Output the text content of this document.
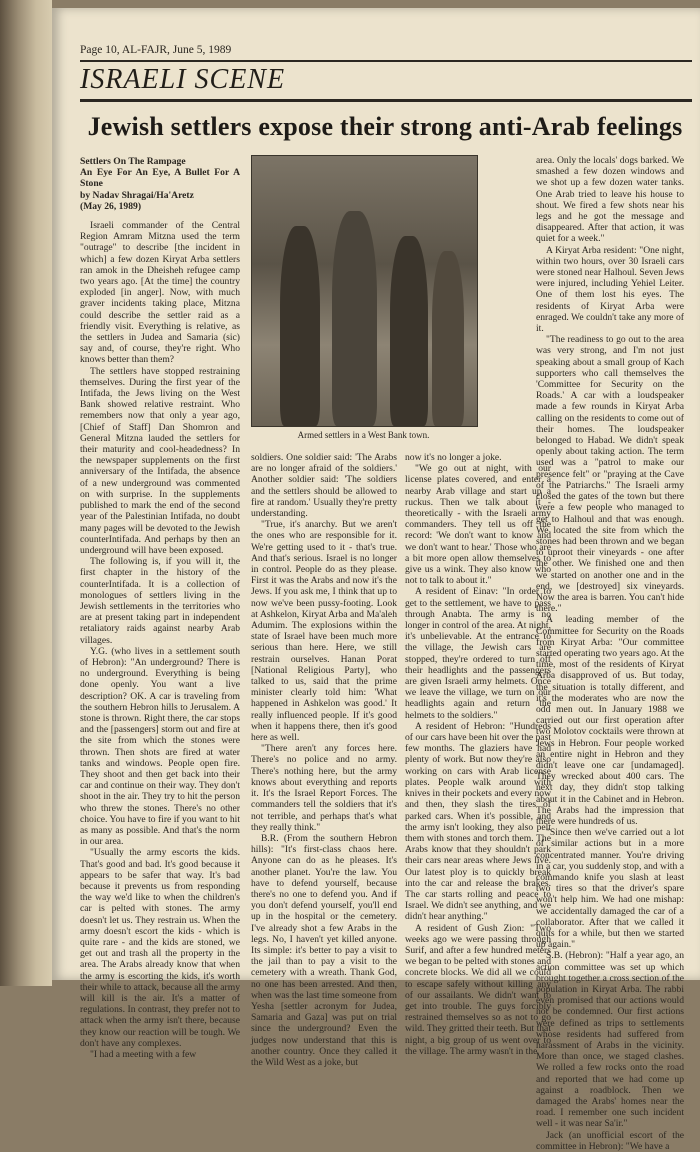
Page 10, AL-FAJR, June 5, 1989
ISRAELI SCENE
Jewish settlers expose their strong anti-Arab feelings

Settlers On The Rampage

An Eye For An Eye, A Bullet For A Stone

by Nadav Shragai/Ha'Aretz

(May 26, 1989)

Israeli commander of the Central Region Amram Mitzna used the term "outrage" to describe [the incident in which] a few dozen Kiryat Arba settlers ran amok in the Dheisheh refugee camp two years ago. [At the time] the country exploded [in anger]. Now, with much graver incidents taking place, Mitzna could describe the settler raid as a friendly visit. Everything is relative, as the settlers in Judea and Samaria (sic) say and, of course, they're right. Who knows better than them?

The settlers have stopped restraining themselves. During the first year of the Intifada, the Jews living on the West Bank showed relative restraint. Who remembers now that only a year ago, [Chief of Staff] Dan Shomron and General Mitzna lauded the settlers for their maturity and cool-headedness? In the newspaper supplements on the first anniversary of the Intifada, the absence of a new underground was commented on with surprise. In the supplements published to mark the end of the second year of the Palestinian Intifada, no doubt many pages will be devoted to the Jewish counterIntifada. And perhaps by then an underground will have been exposed.

The following is, if you will it, the first chapter in the history of the counterIntifada. It is a collection of monologues of settlers living in the Jewish settlements in the territories who are at present taking part in independent retaliatory raids against nearby Arab villages.

Y.G. (who lives in a settlement south of Hebron): "An underground? There is no underground. Everything is being done openly. You want a live description? OK. A car is traveling from the southern Hebron hills to Jerusalem. A stone is thrown. Right there, the car stops and the [passengers] storm out and fire at the site from which the stones were thrown. Then shots are fired at water tanks and windows. People open fire. They shoot and then get back into their car and continue on their way. They don't shoot in the air. They try to hit the person who threw the stones. There's no other choice. You have to fire if you want to hit as many as possible. And that's the norm in our area.

"Usually the army escorts the kids. That's good and bad. It's good because it appears to be safer that way. It's bad because it prevents us from responding the way we'd like to when the children's car is pelted with stones. The army doesn't let us. They restrain us. When the army doesn't escort the kids - which is quite rare - and the kids are stoned, we get out and trash all the property in the area. The Arabs already know that when the army is escorting the kids, it's worth their while to attack, because all the army will kill is the air. It's a matter of regulations. In contrast, they prefer not to attack when the army isn't there, because they know our reaction will be tough. We don't have any complexes.

"I had a meeting with a few

Armed settlers in a West Bank town.

soldiers. One soldier said: 'The Arabs are no longer afraid of the soldiers.' Another soldier said: 'The soldiers and the settlers should be allowed to fire at random.' Usually they're pretty understanding.

"True, it's anarchy. But we aren't the ones who are responsible for it. We're getting used to it - that's true. And that's serious. Israel is no longer in control. People do as they please. First it was the Arabs and now it's the Jews. If you ask me, I think that up to now we've been pussy-footing. Look at Ashkelon, Kiryat Arba and Ma'aleh Adumim. The explosions within the state of Israel have been much more serious than here. Here, we still restrain ourselves. Hanan Porat [National Religious Party], who talked to us, said that the prime minister clearly told him: 'What happened in Ashkelon was good.' It really influenced people. If it's good when it happens there, then it's good here as well.

"There aren't any forces here. There's no police and no army. There's nothing here, but the army knows about everything and reports it. It's the Israel Report Forces. The commanders tell the soldiers that it's not terrible, and perhaps that's what they really think."

B.R. (From the southern Hebron hills): "It's first-class chaos here. Anyone can do as he pleases. It's another planet. You're the law. You have to defend yourself, because there's no one to defend you. And if you don't defend yourself, you'll end up in the hospital or the cemetery. I've already shot a few Arabs in the legs. No, I haven't yet killed anyone. Its simple: it's better to pay a visit to the jail than to pay a visit to the cemetery with a wreath. Thank God, no one has been arrested. And then, when was the last time someone from Yesha [settler acronym for Judea, Samaria and Gaza] was put on trial since the underground? Even the judges now understand that this is another country. Once they called it the Wild West as a joke, but

now it's no longer a joke.

"We go out at night, with our license plates covered, and enter a nearby Arab village and start up a ruckus. Then we talk about it - theoretically - with the Israeli army commanders. They tell us off the record: 'We don't want to know and we don't want to hear.' Those who are a bit more open allow themselves to give us a wink. They also know who not to talk to about it."

A resident of Einav: "In order to get to the settlement, we have to pass through Anabta. The army is no longer in control of the area. At night, it's unbelievable. At the entrance to the village, the Jewish cars are stopped, they're ordered to turn off their headlights and the passengers are given Israeli army helmets. Once we leave the village, we turn on our headlights again and return the helmets to the soldiers."

A resident of Hebron: "Hundreds of our cars have been hit over the past few months. The glaziers have had plenty of work. But now they're also working on cars with Arab license plates. People walk around with knives in their pockets and every now and then, they slash the tires of parked cars. When it's possible, and the army isn't looking, they also pelt them with stones and torch them. The Arabs know that they shouldn't park their cars near areas where Jews live. Our latest ploy is to quickly break into the car and release the brakes. The car starts rolling and peace to Israel. We didn't see anything, and we didn't hear anything."

A resident of Gush Zion: "Two weeks ago we were passing through Surif, and after a few hundred meters we began to be pelted with stones and concrete blocks. We did all we could to escape safely without killing any of our assailants. We didn't want to get into trouble. The guys forcibly restrained themselves so as not to go wild. They gritted their teeth. But that night, a big group of us went over to the village. The army wasn't in the

area. Only the locals' dogs barked. We smashed a few dozen windows and we shot up a few dozen water tanks. One Arab tried to leave his house to shout. We fired a few shots near his legs and he got the message and disappeared. After that action, it was quiet for a week."

A Kiryat Arba resident: "One night, within two hours, over 30 Israeli cars were stoned near Halhoul. Seven Jews were injured, including Yehiel Leiter. One of them lost his eyes. The residents of Kiryat Arba were enraged. We couldn't take any more of it.

"The readiness to go out to the area was very strong, and I'm not just speaking about a small group of Kach supporters who call themselves the 'Committee for Security on the Roads.' A car with a loudspeaker made a few rounds in Kiryat Arba calling on the residents to come out of their homes. The loudspeaker belonged to Habad. We didn't speak openly about taking action. The term used was a "patrol to make our presence felt" or "praying at the Cave of the Patriarchs." The Israeli army closed the gates of the town but there were a few people who managed to get to Halhoul and that was enough. We located the site from which the stones had been thrown and we began to uproot their vineyards - one after the other. We finished one and then we started on another one and in the end, we [destroyed] six vineyards. Now the area is barren. You can't hide there."

A leading member of the Committee for Security on the Roads from Kiryat Arba: "Our committee started operating two years ago. At the time, most of the residents of Kiryat Arba disapproved of us. But today, the situation is totally different, and it's the moderates who are now the odd men out. In January 1988 we carried out our first operation after two Molotov cocktails were thrown at Jews in Hebron. Four people worked an entire night in Hebron and they didn't leave one car [undamaged]. They wrecked about 400 cars. The next day, they didn't stop talking about it in the Cabinet and in Hebron. The Arabs had the impression that there were hundreds of us.

"Since then we've carried out a lot of similar actions but in a more concentrated manner. You're driving in a car, you suddenly stop, and with a commando knife you slash at least two tires so that the driver's spare won't help him. We had one mishap: we accidentally damaged the car of a collaborator. After that we called it quits for a while, but then we started up again."

S.B. (Hebron): "Half a year ago, an action committee was set up which brought together a cross section of the population in Kiryat Arba. The rabbi even promised that our actions would not be condemned. Our first actions were defined as trips to settlements whose residents had suffered from harassment of Arabs in the vicinity. More than once, we staged clashes. We rolled a few rocks onto the road and reported that we had come up against a roadblock. Then we damaged the Arabs' homes near the road. I remember one such incident well - it was near Sa'ir."

Jack (an unofficial escort of the committee in Hebron): "We have a
